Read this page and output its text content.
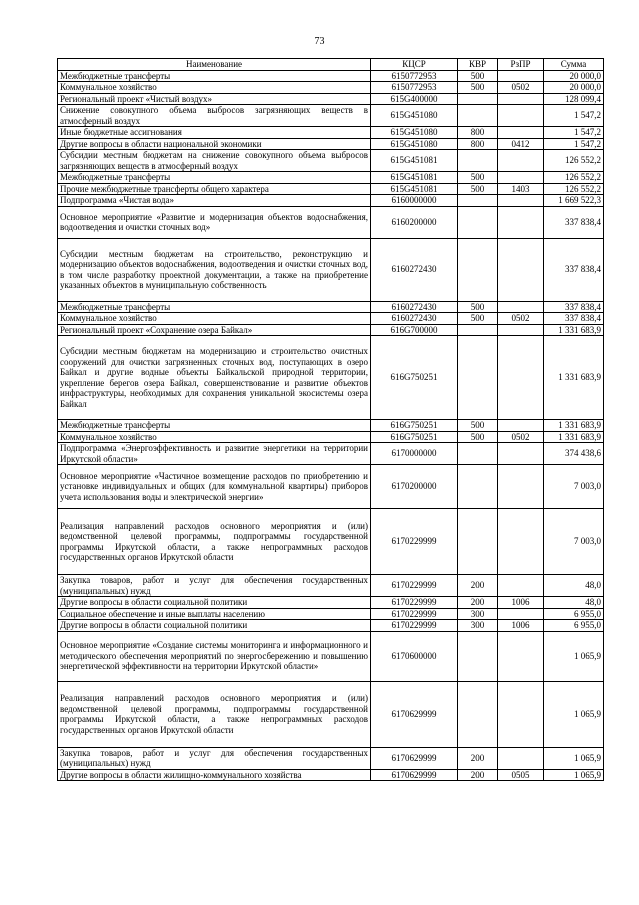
73
Наименование	КЦСР	КВР	РзПР	Сумма
Межбюджетные трансферты	6150772953	500		20 000,0
Коммунальное хозяйство	6150772953	500	0502	20 000,0
Региональный проект «Чистый воздух»	615G400000			128 099,4
Снижение совокупного объема выбросов загрязняющих веществ в атмосферный воздух	615G451080			1 547,2
Иные бюджетные ассигнования	615G451080	800		1 547,2
Другие вопросы в области национальной экономики	615G451080	800	0412	1 547,2
Субсидии местным бюджетам на снижение совокупного объема выбросов загрязняющих веществ в атмосферный воздух	615G451081			126 552,2
Межбюджетные трансферты	615G451081	500		126 552,2
Прочие межбюджетные трансферты общего характера	615G451081	500	1403	126 552,2
Подпрограмма «Чистая вода»	6160000000			1 669 522,3
Основное мероприятие «Развитие и модернизация объектов водоснабжения, водоотведения и очистки сточных вод»	6160200000			337 838,4
Субсидии местным бюджетам на строительство, реконструкцию и модернизацию объектов водоснабжения, водоотведения и очистки сточных вод, в том числе разработку проектной документации, а также на приобретение указанных объектов в муниципальную собственность	6160272430			337 838,4
Межбюджетные трансферты	6160272430	500		337 838,4
Коммунальное хозяйство	6160272430	500	0502	337 838,4
Региональный проект «Сохранение озера Байкал»	616G700000			1 331 683,9
Субсидии местным бюджетам на модернизацию и строительство очистных сооружений для очистки загрязненных сточных вод, поступающих в озеро Байкал и другие водные объекты Байкальской природной территории, укрепление берегов озера Байкал, совершенствование и развитие объектов инфраструктуры, необходимых для сохранения уникальной экосистемы озера Байкал	616G750251			1 331 683,9
Межбюджетные трансферты	616G750251	500		1 331 683,9
Коммунальное хозяйство	616G750251	500	0502	1 331 683,9
Подпрограмма «Энергоэффективность и развитие энергетики на территории Иркутской области»	6170000000			374 438,6
Основное мероприятие «Частичное возмещение расходов по приобретению и установке индивидуальных и общих (для коммунальной квартиры) приборов учета использования воды и электрической энергии»	6170200000			7 003,0
Реализация направлений расходов основного мероприятия и (или) ведомственной целевой программы, подпрограммы государственной программы Иркутской области, а также непрограммных расходов государственных органов Иркутской области	6170229999			7 003,0
Закупка товаров, работ и услуг для обеспечения государственных (муниципальных) нужд	6170229999	200		48,0
Другие вопросы в области социальной политики	6170229999	200	1006	48,0
Социальное обеспечение и иные выплаты населению	6170229999	300		6 955,0
Другие вопросы в области социальной политики	6170229999	300	1006	6 955,0
Основное мероприятие «Создание системы мониторинга и информационного и методического обеспечения мероприятий по энергосбережению и повышению энергетической эффективности на территории Иркутской области»	6170600000			1 065,9
Реализация направлений расходов основного мероприятия и (или) ведомственной целевой программы, подпрограммы государственной программы Иркутской области, а также непрограммных расходов государственных органов Иркутской области	6170629999			1 065,9
Закупка товаров, работ и услуг для обеспечения государственных (муниципальных) нужд	6170629999	200		1 065,9
Другие вопросы в области жилищно-коммунального хозяйства	6170629999	200	0505	1 065,9
